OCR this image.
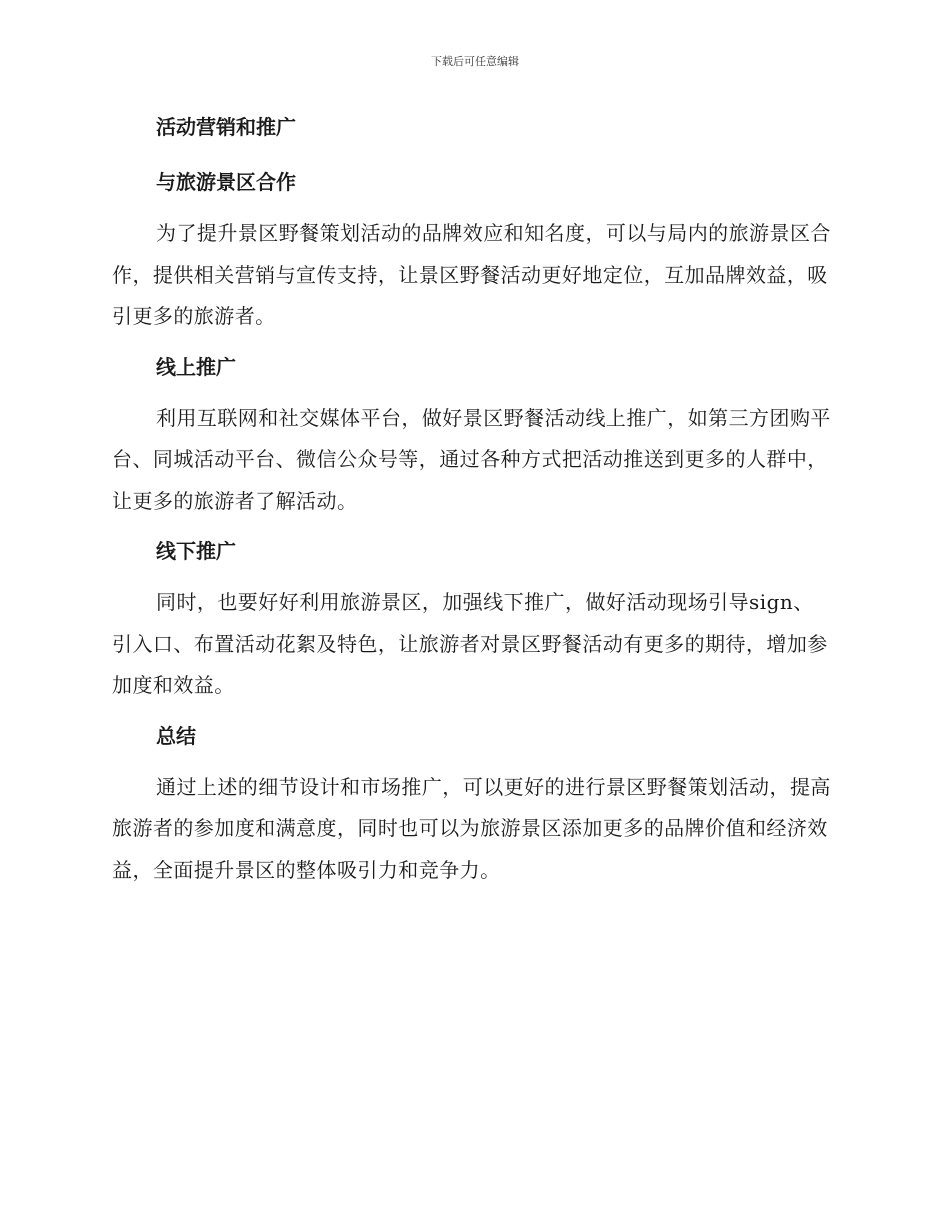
下载后可任意编辑
活动营销和推广
与旅游景区合作

为了提升景区野餐策划活动的品牌效应和知名度，可以与局内的旅游景区合作，提供相关营销与宣传支持，让景区野餐活动更好地定位，互加品牌效益，吸引更多的旅游者。

线上推广

利用互联网和社交媒体平台，做好景区野餐活动线上推广，如第三方团购平台、同城活动平台、微信公众号等，通过各种方式把活动推送到更多的人群中，让更多的旅游者了解活动。

线下推广

同时，也要好好利用旅游景区，加强线下推广，做好活动现场引导sign、引入口、布置活动花絮及特色，让旅游者对景区野餐活动有更多的期待，增加参加度和效益。

总结

通过上述的细节设计和市场推广，可以更好的进行景区野餐策划活动，提高旅游者的参加度和满意度，同时也可以为旅游景区添加更多的品牌价值和经济效益，全面提升景区的整体吸引力和竞争力。
